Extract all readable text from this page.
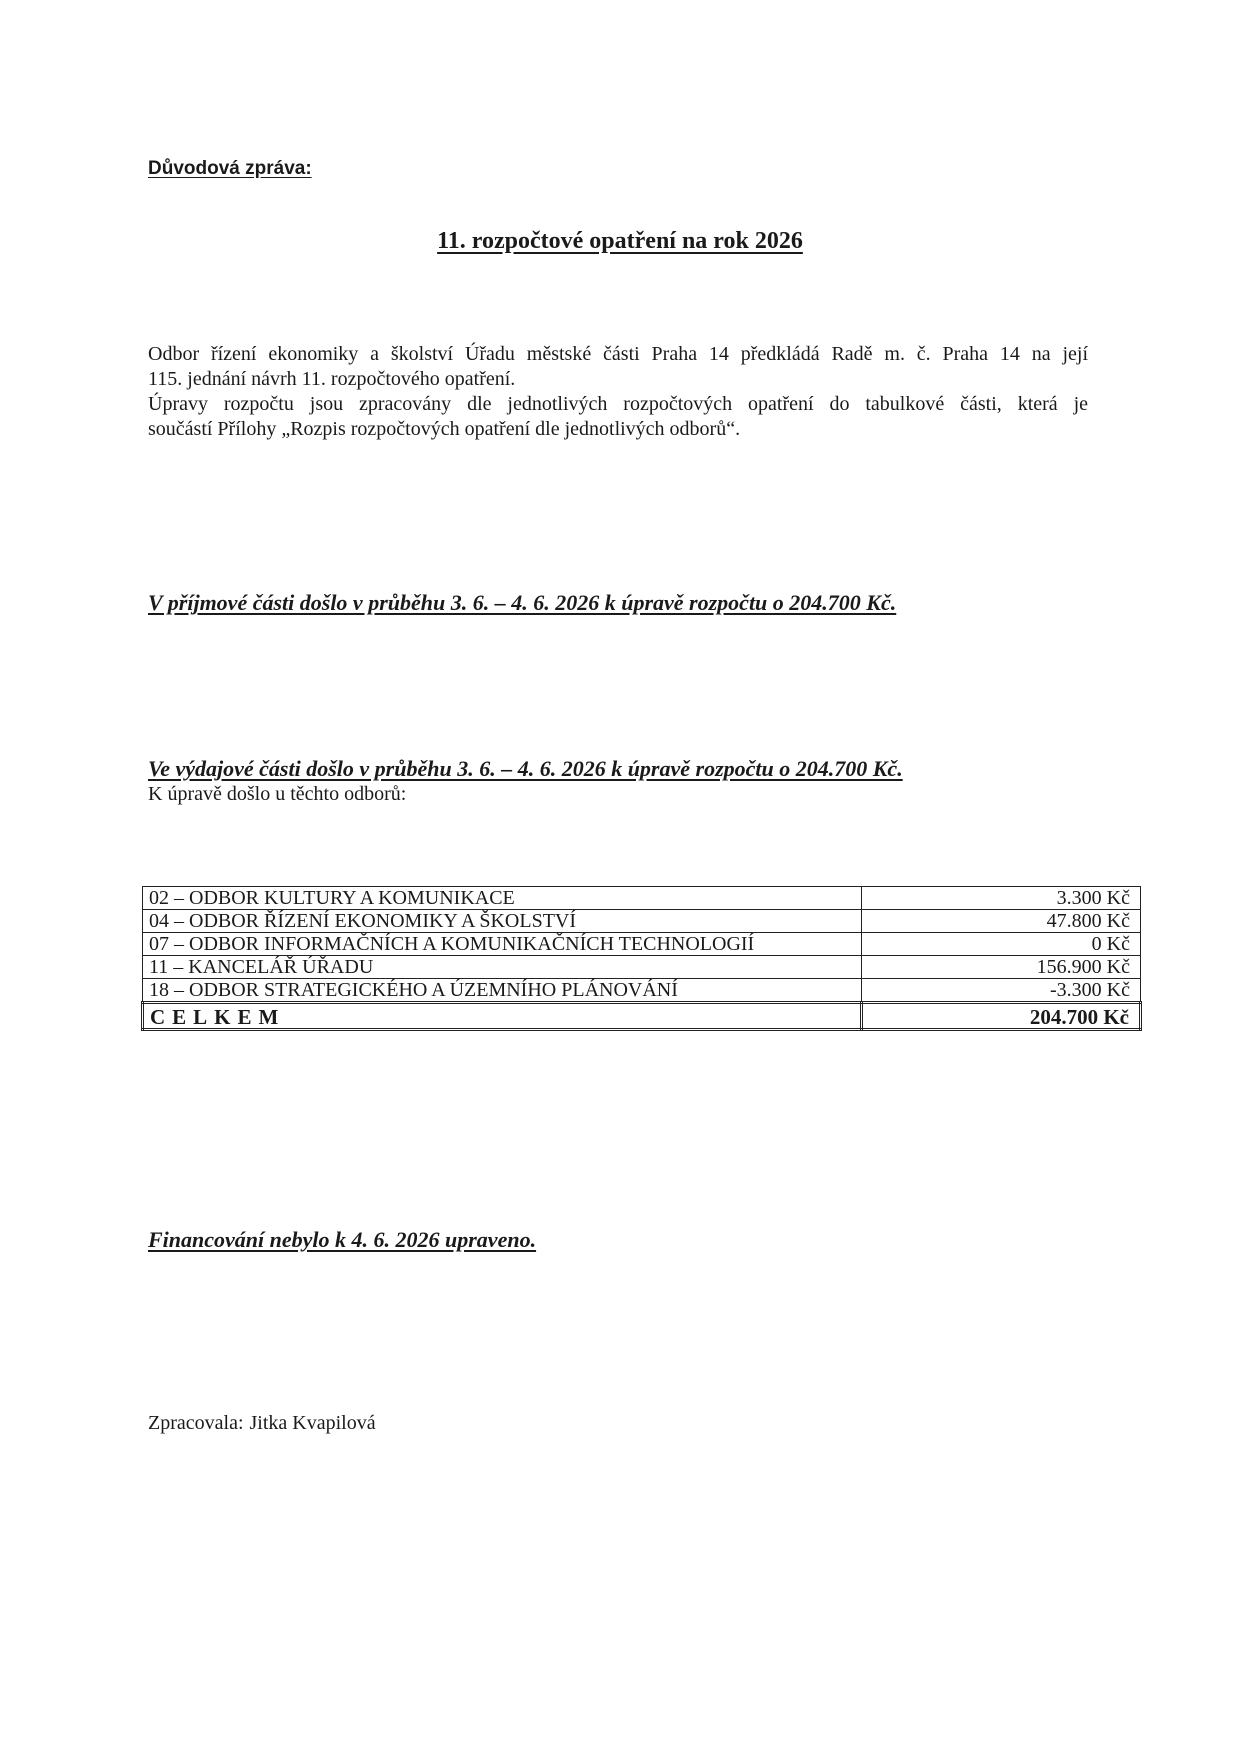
Důvodová zpráva:
11. rozpočtové opatření na rok 2026

Odbor řízení ekonomiky a školství Úřadu městské části Praha 14 předkládá Radě m. č. Praha 14 na její

115. jednání návrh 11. rozpočtového opatření.

Úpravy rozpočtu jsou zpracovány dle jednotlivých rozpočtových opatření do tabulkové části, která je

součástí Přílohy „Rozpis rozpočtových opatření dle jednotlivých odborů“.

V příjmové části došlo v průběhu 3. 6. – 4. 6. 2026 k úpravě rozpočtu o 204.700 Kč.
Ve výdajové části došlo v průběhu 3. 6. – 4. 6. 2026 k úpravě rozpočtu o 204.700 Kč.
K úpravě došlo u těchto odborů:
02 – ODBOR KULTURY A KOMUNIKACE	3.300 Kč
04 – ODBOR ŘÍZENÍ EKONOMIKY A ŠKOLSTVÍ	47.800 Kč
07 – ODBOR INFORMAČNÍCH A KOMUNIKAČNÍCH TECHNOLOGIÍ	0 Kč
11 – KANCELÁŘ ÚŘADU	156.900 Kč
18 – ODBOR STRATEGICKÉHO A ÚZEMNÍHO PLÁNOVÁNÍ	-3.300 Kč
CELKEM	204.700 Kč
Financování nebylo k 4. 6. 2026 upraveno.
Zpracovala: Jitka Kvapilová
